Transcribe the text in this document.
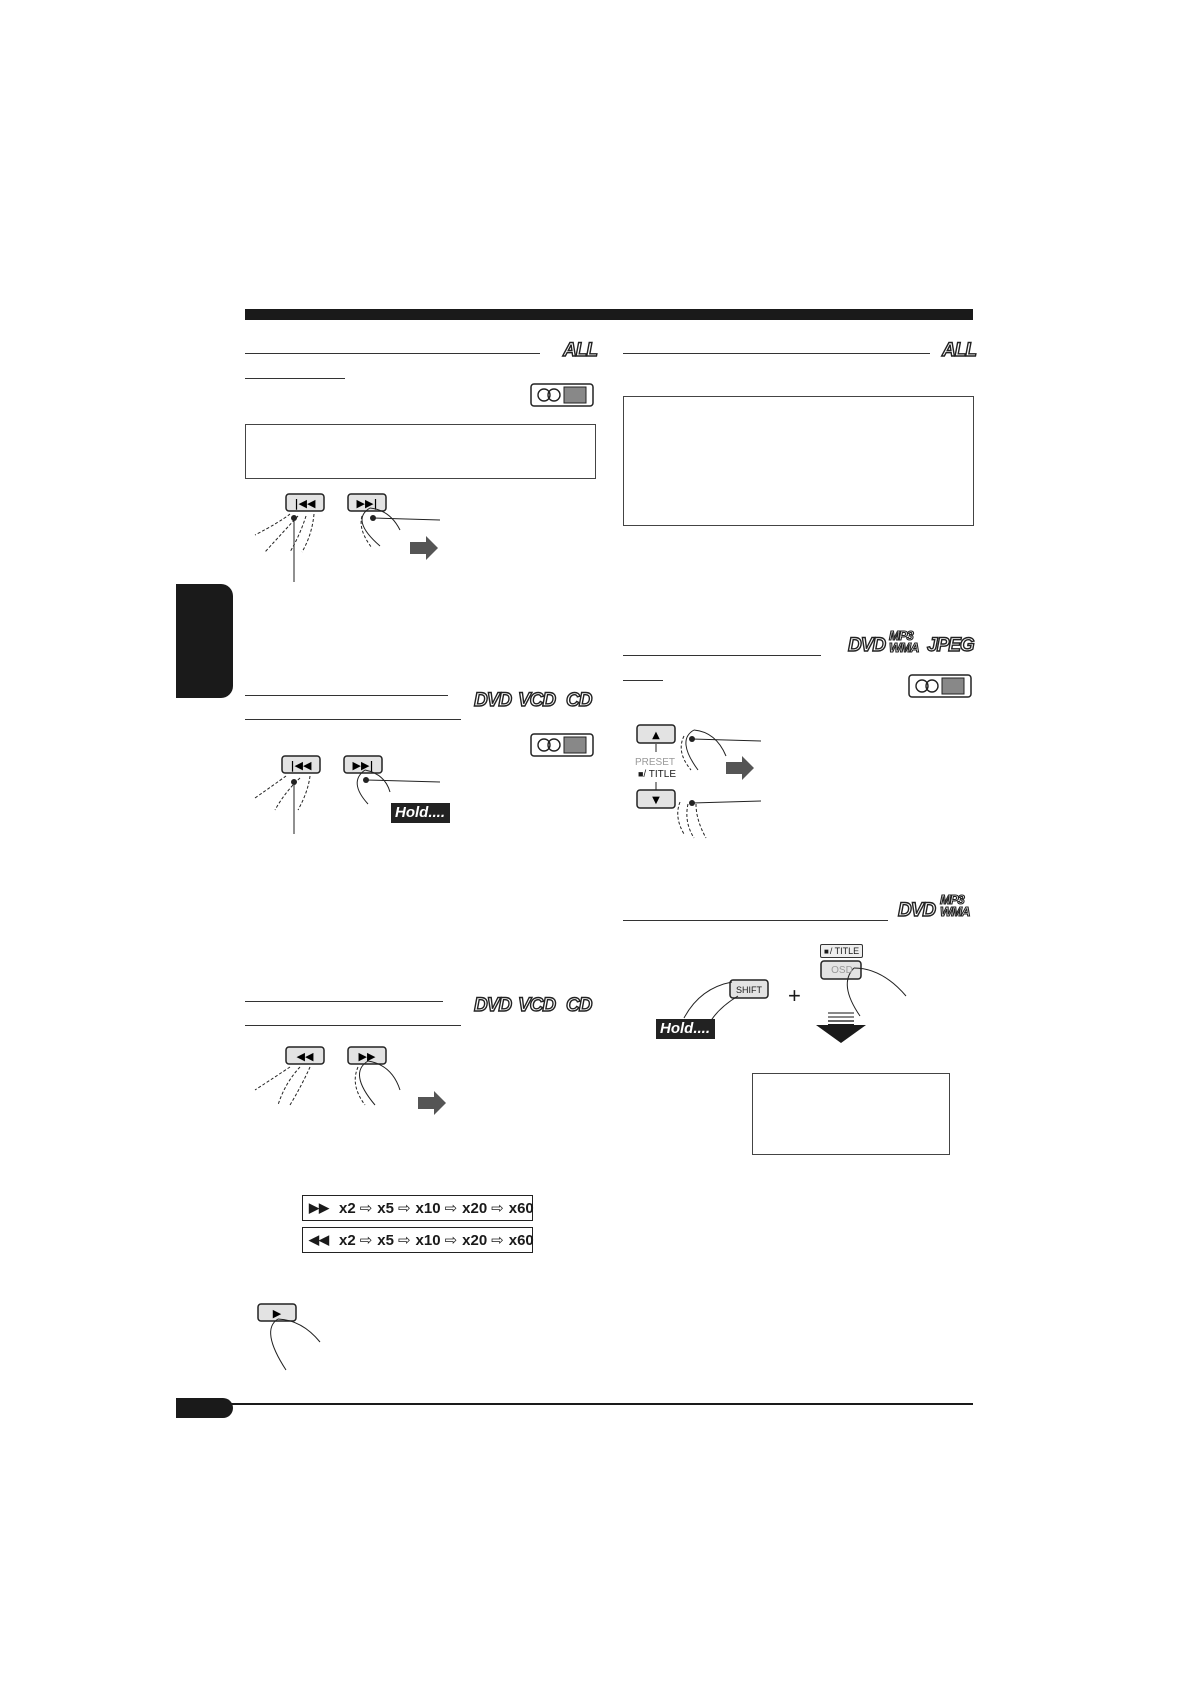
ALL
|◀◀	▶▶|
DVD VCD CD
|◀◀	▶▶|
Hold....
DVD VCD CD
◀◀	▶▶
▶▶ x2 ⇨ x5 ⇨ x10 ⇨ x20 ⇨ x60
◀◀ x2 ⇨ x5 ⇨ x10 ⇨ x20 ⇨ x60
▶
ALL
DVD MP3
WMA JPEG
▲
▼
PRESET
■/ TITLE
DVD
MP3
WMA
■ / TITLE
OSD
SHIFT
Hold....
+
